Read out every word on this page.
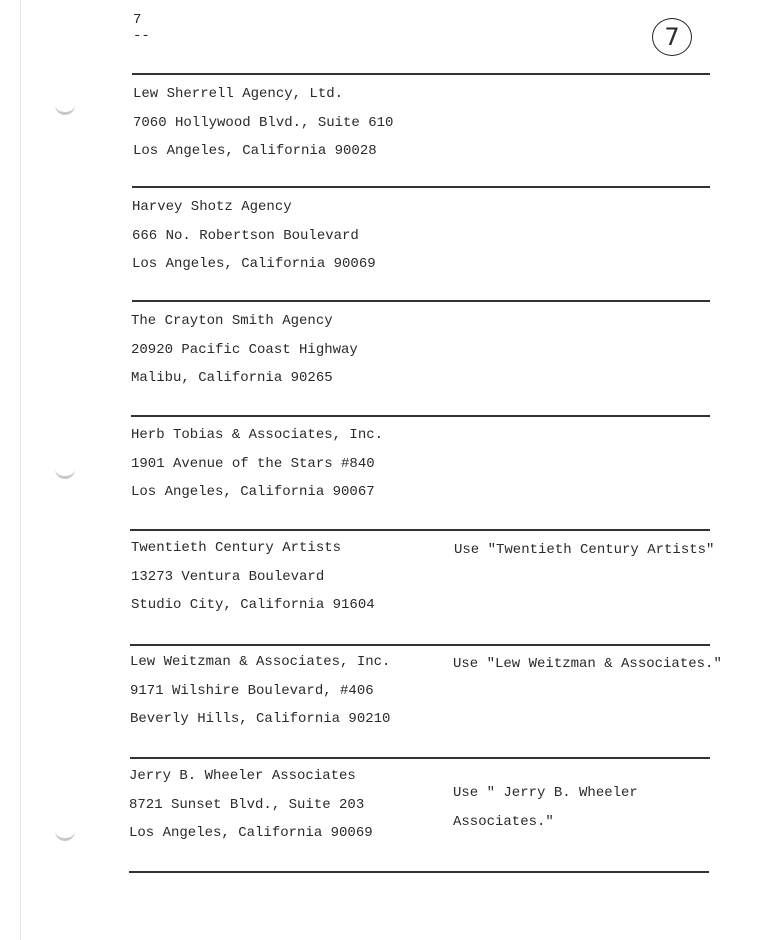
7
--	7
Lew Sherrell Agency, Ltd.
7060 Hollywood Blvd., Suite 610
Los Angeles, California 90028
Harvey Shotz Agency
666 No. Robertson Boulevard
Los Angeles, California 90069
The Crayton Smith Agency
20920 Pacific Coast Highway
Malibu, California 90265
Herb Tobias & Associates, Inc.
1901 Avenue of the Stars #840
Los Angeles, California 90067
Twentieth Century Artists
13273 Ventura Boulevard
Studio City, California 91604
Use "Twentieth Century Artists"
Lew Weitzman & Associates, Inc.
9171 Wilshire Boulevard, #406
Beverly Hills, California 90210
Use "Lew Weitzman & Associates."
Jerry B. Wheeler Associates
8721 Sunset Blvd., Suite 203
Los Angeles, California 90069
Use " Jerry B. Wheeler
Associates."
